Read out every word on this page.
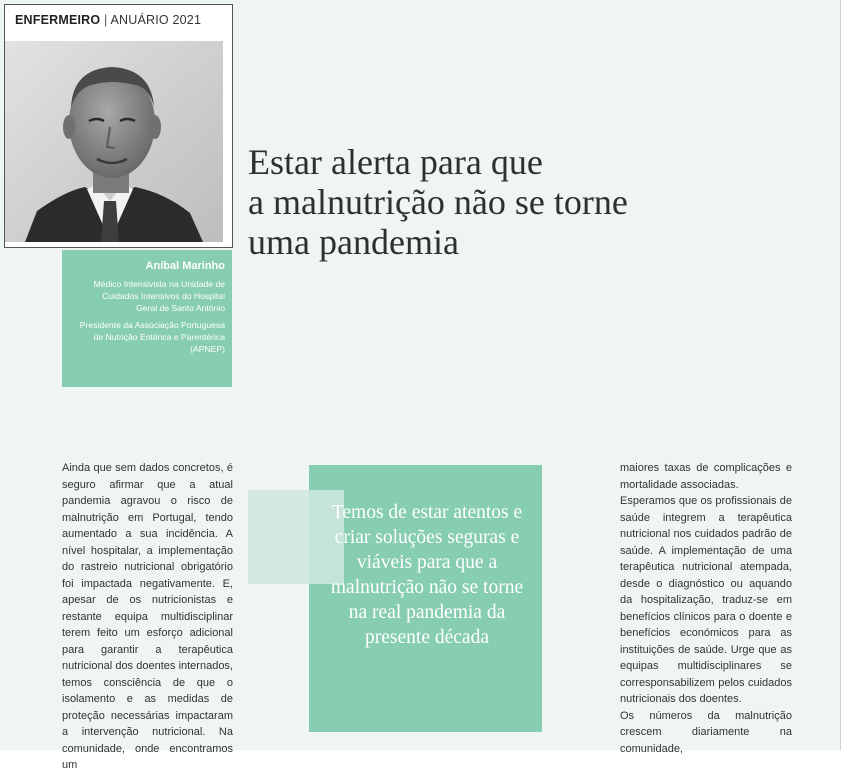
ENFERMEIRO | ANUÁRIO 2021
Aníbal Marinho
Médico Intensivista na Unidade de
Cuidados Intensivos do Hospital
Geral de Santo António
Presidente da Associação Portuguesa
de Nutrição Entérica e Parentérica
(APNEP)
Estar alerta para que
a malnutrição não se torne
uma pandemia

Ainda que sem dados concretos, é seguro afirmar que a atual pandemia agravou o risco de malnutrição em Portugal, tendo aumentado a sua incidência. A nível hospitalar, a implementação do rastreio nutricional obrigatório foi impactada negativamente. E, apesar de os nutricionistas e restante equipa multidisciplinar terem feito um esforço adicional para garantir a terapêutica nutricional dos doentes internados, temos consciência de que o isolamento e as medidas de proteção necessárias impactaram a intervenção nutricional. Na comunidade, onde encontramos um

Temos de estar atentos e criar soluções seguras e viáveis para que a malnutrição não se torne na real pandemia da presente década

maiores taxas de complicações e mortalidade associadas.

Esperamos que os profissionais de saúde integrem a terapêutica nutricional nos cuidados padrão de saúde. A implementação de uma terapêutica nutricional atempada, desde o diagnóstico ou aquando da hospitalização, traduz-se em benefícios clínicos para o doente e benefícios económicos para as instituições de saúde. Urge que as equipas multidisciplinares se corresponsabilizem pelos cuidados nutricionais dos doentes.

Os números da malnutrição crescem diariamente na comunidade,
